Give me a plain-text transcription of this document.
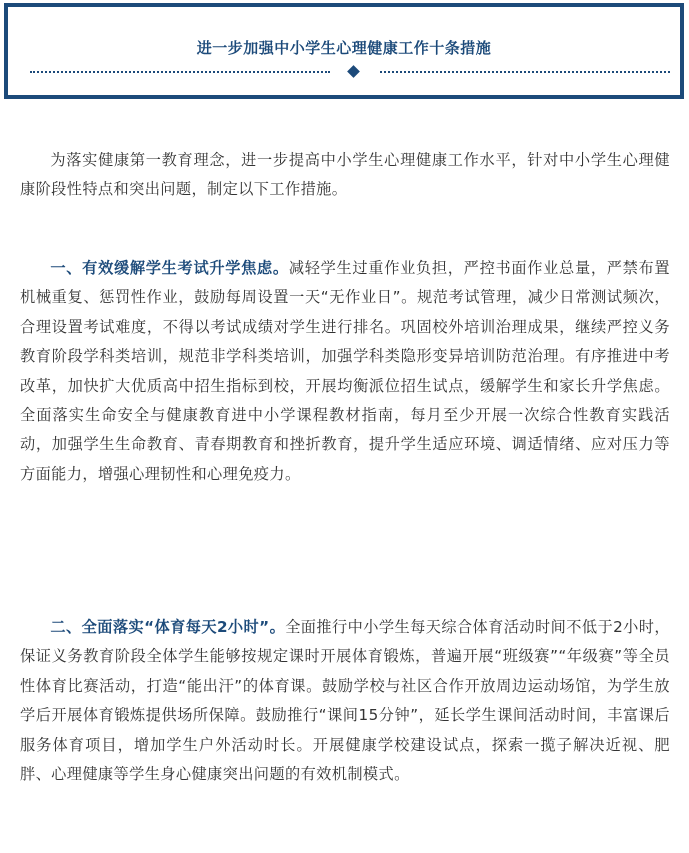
进一步加强中小学生心理健康工作十条措施

为落实健康第一教育理念，进一步提高中小学生心理健康工作水平，针对中小学生心理健康阶段性特点和突出问题，制定以下工作措施。

一、有效缓解学生考试升学焦虑。减轻学生过重作业负担，严控书面作业总量，严禁布置机械重复、惩罚性作业，鼓励每周设置一天“无作业日”。规范考试管理，减少日常测试频次，合理设置考试难度，不得以考试成绩对学生进行排名。巩固校外培训治理成果，继续严控义务教育阶段学科类培训，规范非学科类培训，加强学科类隐形变异培训防范治理。有序推进中考改革，加快扩大优质高中招生指标到校，开展均衡派位招生试点，缓解学生和家长升学焦虑。全面落实生命安全与健康教育进中小学课程教材指南，每月至少开展一次综合性教育实践活动，加强学生生命教育、青春期教育和挫折教育，提升学生适应环境、调适情绪、应对压力等方面能力，增强心理韧性和心理免疫力。

二、全面落实“体育每天2小时”。全面推行中小学生每天综合体育活动时间不低于2小时，保证义务教育阶段全体学生能够按规定课时开展体育锻炼，普遍开展“班级赛”“年级赛”等全员性体育比赛活动，打造“能出汗”的体育课。鼓励学校与社区合作开放周边运动场馆，为学生放学后开展体育锻炼提供场所保障。鼓励推行“课间15分钟”，延长学生课间活动时间，丰富课后服务体育项目，增加学生户外活动时长。开展健康学校建设试点，探索一揽子解决近视、肥胖、心理健康等学生身心健康突出问题的有效机制模式。
